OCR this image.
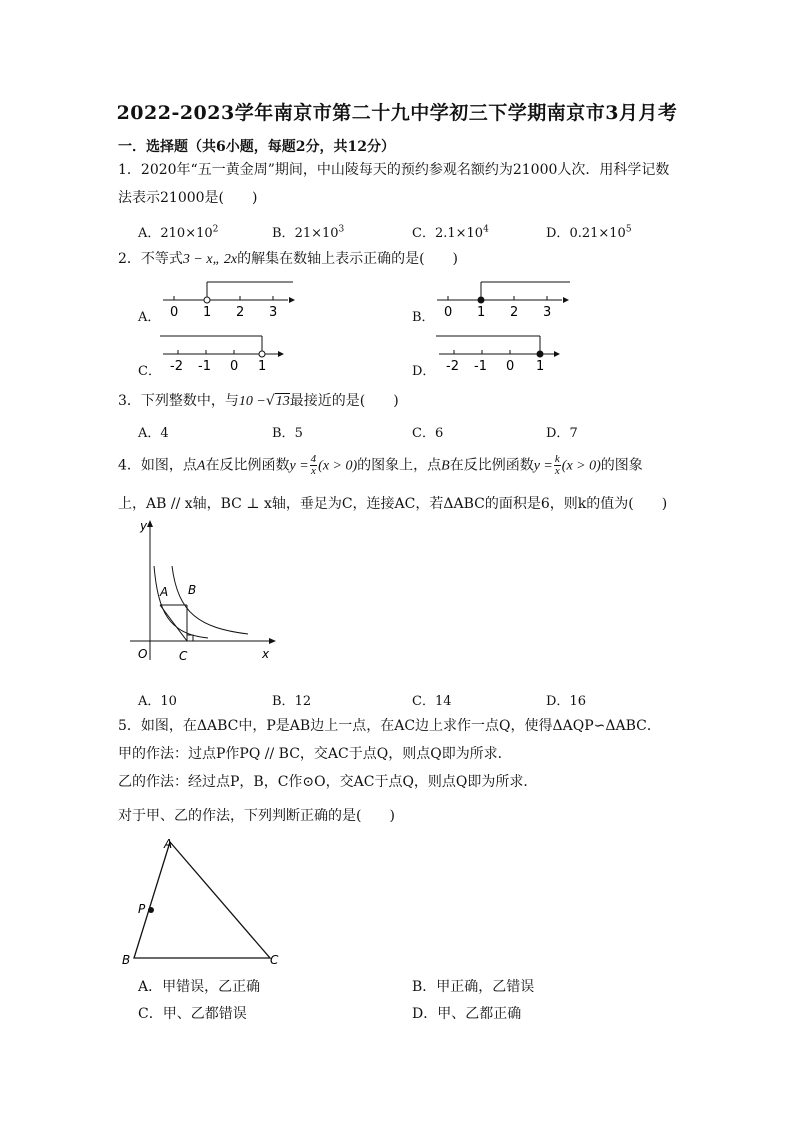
2022-2023学年南京市第二十九中学初三下学期南京市3月月考
一．选择题（共6小题，每题2分，共12分）
1．2020年“五一黄金周”期间，中山陵每天的预约参观名额约为21000人次．用科学记数
法表示21000是(　　)
A．$210\times 10^2$	B．$21\times 10^3$	C．$2.1\times 10^4$	D．$0.21\times 10^5$
2．不等式3 − x„ 2x的解集在数轴上表示正确的是(　　)
A．	B．
C．	D．
0 1 2 3	0 1 2 3
-2 -1 0 1	-2 -1 0 1
3．下列整数中，与10 −√13最接近的是(　　)
A．4	B．5	C．6	D．7
4．如图，点A在反比例函数$y = \frac{4}{x} (x > 0)$的图象上，点B在反比例函数$y = \frac{k}{x} (x > 0)$的图象
上，AB // x轴，BC ⊥ x轴，垂足为C，连接AC，若ΔABC的面积是6，则k的值为(　　)
y
x
O
A B
C
A．10	B．12	C．14	D．16
5．如图，在ΔABC中，P是AB边上一点，在AC边上求作一点Q，使得ΔAQP∽ΔABC．
甲的作法：过点P作PQ // BC，交AC于点Q，则点Q即为所求．
乙的作法：经过点P，B，C作⊙O，交AC于点Q，则点Q即为所求．
对于甲、乙的作法，下列判断正确的是(　　)
A
P
B	C
A．甲错误，乙正确	B．甲正确，乙错误
C．甲、乙都错误	D．甲、乙都正确
